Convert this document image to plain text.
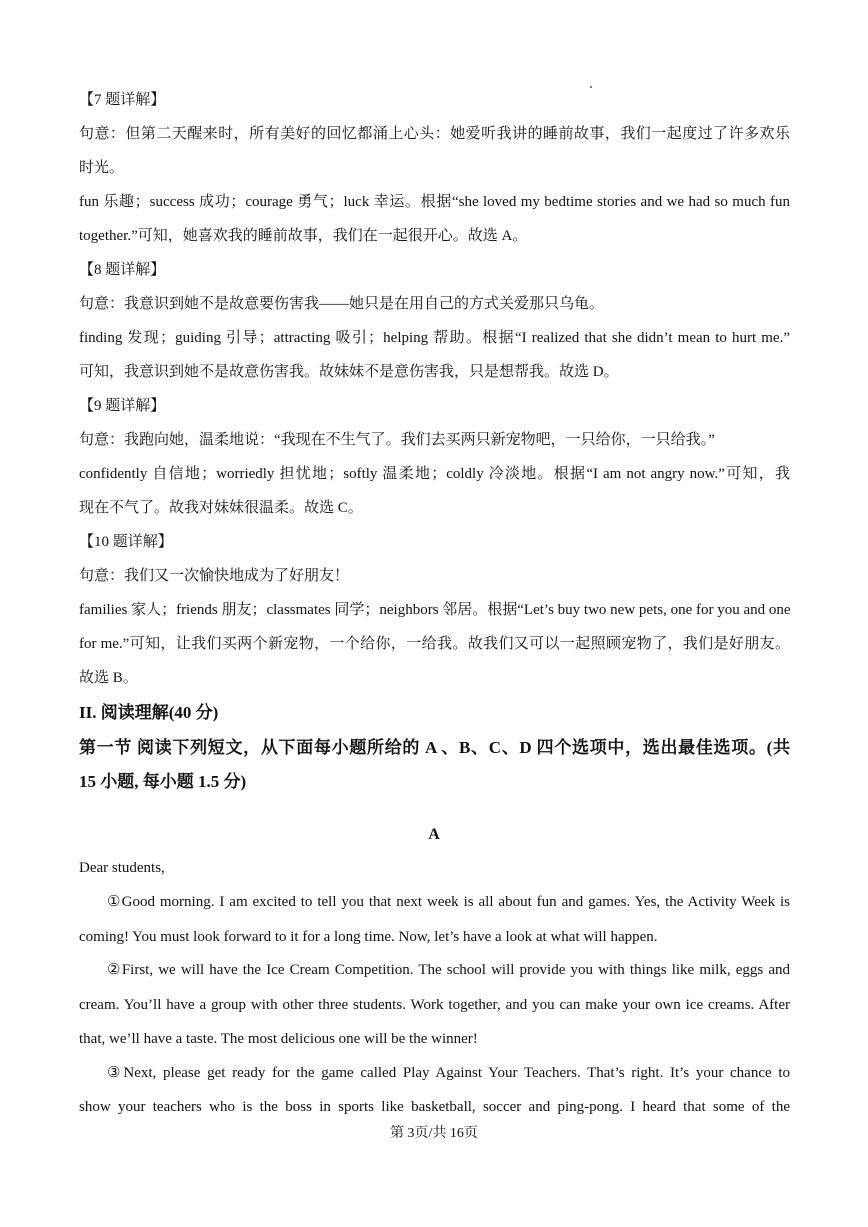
【7 题详解】
句意：但第二天醒来时，所有美好的回忆都涌上心头：她爱听我讲的睡前故事，我们一起度过了许多欢乐
时光。
fun 乐趣；success 成功；courage 勇气；luck 幸运。根据“she loved my bedtime stories and we had so much fun
together.”可知，她喜欢我的睡前故事，我们在一起很开心。故选 A。
【8 题详解】
句意：我意识到她不是故意要伤害我——她只是在用自己的方式关爱那只乌龟。
finding 发现；guiding 引导；attracting 吸引；helping 帮助。根据“I realized that she didn’t mean to hurt me.”
可知，我意识到她不是故意伤害我。故妹妹不是意伤害我，只是想帮我。故选 D。
【9 题详解】
句意：我跑向她，温柔地说：“我现在不生气了。我们去买两只新宠物吧，一只给你，一只给我。”
confidently 自信地；worriedly 担忧地；softly 温柔地；coldly 冷淡地。根据“I am not angry now.”可知，我
现在不气了。故我对妹妹很温柔。故选 C。
【10 题详解】
句意：我们又一次愉快地成为了好朋友！
families 家人；friends 朋友；classmates 同学；neighbors 邻居。根据“Let’s buy two new pets, one for you and one
for me.”可知，让我们买两个新宠物，一个给你，一给我。故我们又可以一起照顾宠物了，我们是好朋友。
故选 B。
II. 阅读理解(40 分)
第一节 阅读下列短文，从下面每小题所给的 A 、B、C、D 四个选项中，选出最佳选项。(共
15 小题, 每小题 1.5 分)
A
Dear students,
①Good morning. I am excited to tell you that next week is all about fun and games. Yes, the Activity Week is
coming! You must look forward to it for a long time. Now, let’s have a look at what will happen.
②First, we will have the Ice Cream Competition. The school will provide you with things like milk, eggs and
cream. You’ll have a group with other three students. Work together, and you can make your own ice creams. After
that, we’ll have a taste. The most delicious one will be the winner!
③Next, please get ready for the game called Play Against Your Teachers. That’s right. It’s your chance to
show your teachers who is the boss in sports like basketball, soccer and ping-pong. I heard that some of the
第 3页/共 16页
